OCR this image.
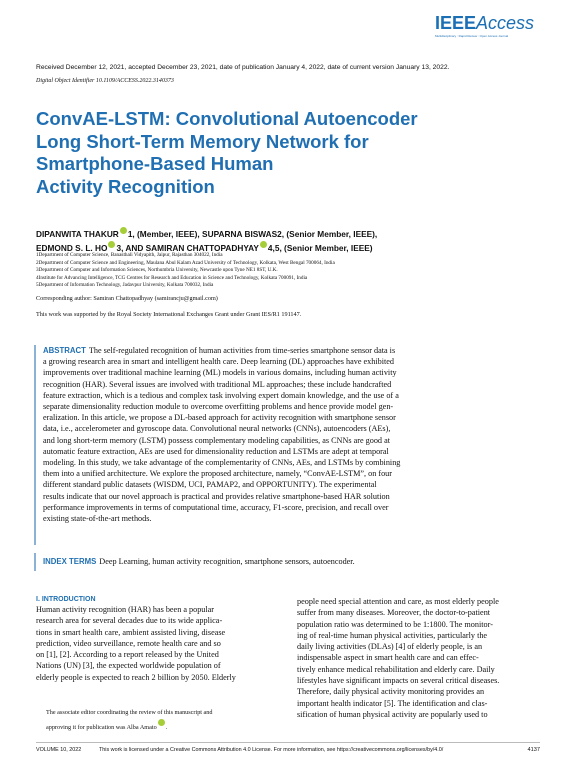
IEEEAccess
Multidisciplinary : Rapid Review : Open Access Journal
Received December 12, 2021, accepted December 23, 2021, date of publication January 4, 2022, date of current version January 13, 2022.
Digital Object Identifier 10.1109/ACCESS.2022.3140373
ConvAE-LSTM: Convolutional Autoencoder
Long Short-Term Memory Network for
Smartphone-Based Human
Activity Recognition
DIPANWITA THAKUR 1, (Member, IEEE), SUPARNA BISWAS2, (Senior Member, IEEE),
EDMOND S. L. HO 3, AND SAMIRAN CHATTOPADHYAY 4,5, (Senior Member, IEEE)
1Department of Computer Science, Banasthali Vidyapith, Jaipur, Rajasthan 304022, India
2Department of Computer Science and Engineering, Maulana Abul Kalam Azad University of Technology, Kolkata, West Bengal 700064, India
3Department of Computer and Information Sciences, Northumbria University, Newcastle upon Tyne NE1 8ST, U.K.
4Institute for Advancing Intelligence, TCG Centres for Research and Education in Science and Technology, Kolkata 700091, India
5Department of Information Technology, Jadavpur University, Kolkata 700032, India
Corresponding author: Samiran Chattopadhyay (samirancju@gmail.com)
This work was supported by the Royal Society International Exchanges Grant under Grant IES/R1 191147.
ABSTRACT The self-regulated recognition of human activities from time-series smartphone sensor data is
a growing research area in smart and intelligent health care. Deep learning (DL) approaches have exhibited
improvements over traditional machine learning (ML) models in various domains, including human activity
recognition (HAR). Several issues are involved with traditional ML approaches; these include handcrafted
feature extraction, which is a tedious and complex task involving expert domain knowledge, and the use of a
separate dimensionality reduction module to overcome overfitting problems and hence provide model gen-
eralization. In this article, we propose a DL-based approach for activity recognition with smartphone sensor
data, i.e., accelerometer and gyroscope data. Convolutional neural networks (CNNs), autoencoders (AEs),
and long short-term memory (LSTM) possess complementary modeling capabilities, as CNNs are good at
automatic feature extraction, AEs are used for dimensionality reduction and LSTMs are adept at temporal
modeling. In this study, we take advantage of the complementarity of CNNs, AEs, and LSTMs by combining
them into a unified architecture. We explore the proposed architecture, namely, “ConvAE-LSTM”, on four
different standard public datasets (WISDM, UCI, PAMAP2, and OPPORTUNITY). The experimental
results indicate that our novel approach is practical and provides relative smartphone-based HAR solution
performance improvements in terms of computational time, accuracy, F1-score, precision, and recall over
existing state-of-the-art methods.
INDEX TERMS Deep Learning, human activity recognition, smartphone sensors, autoencoder.
I. INTRODUCTION
Human activity recognition (HAR) has been a popular
research area for several decades due to its wide applica-
tions in smart health care, ambient assisted living, disease
prediction, video surveillance, remote health care and so
on [1], [2]. According to a report released by the United
Nations (UN) [3], the expected worldwide population of
elderly people is expected to reach 2 billion by 2050. Elderly
people need special attention and care, as most elderly people
suffer from many diseases. Moreover, the doctor-to-patient
population ratio was determined to be 1:1800. The monitor-
ing of real-time human physical activities, particularly the
daily living activities (DLAs) [4] of elderly people, is an
indispensable aspect in smart health care and can effec-
tively enhance medical rehabilitation and elderly care. Daily
lifestyles have significant impacts on several critical diseases.
Therefore, daily physical activity monitoring provides an
important health indicator [5]. The identification and clas-
sification of human physical activity are popularly used to
The associate editor coordinating the review of this manuscript and
approving it for publication was Alba Amato .
VOLUME 10, 2022	This work is licensed under a Creative Commons Attribution 4.0 License. For more information, see https://creativecommons.org/licenses/by/4.0/	4137
